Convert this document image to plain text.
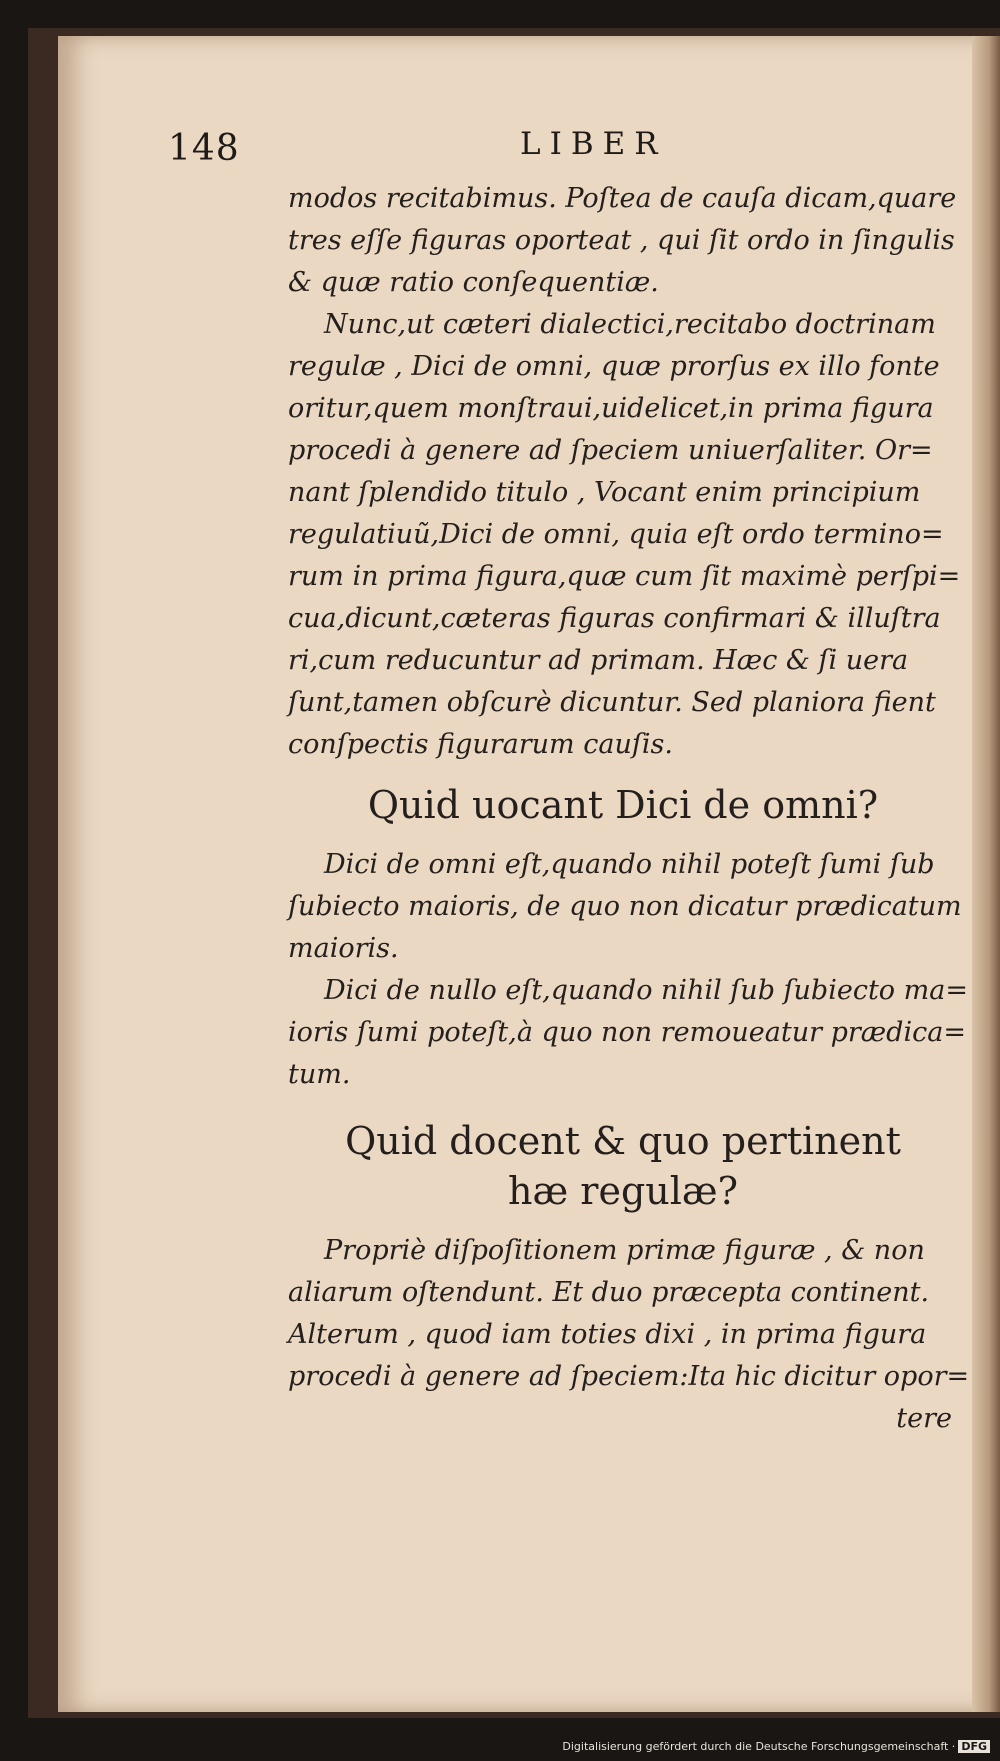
148	LIBER

modos recitabimus. Poſtea de cauſa dicam,quare
tres eſſe figuras oporteat , qui ſit ordo in ſingulis
& quæ ratio conſequentiæ.

Nunc,ut cæteri dialectici,recitabo doctrinam
regulæ , Dici de omni, quæ prorſus ex illo fonte
oritur,quem monſtraui,uidelicet,in prima figura
procedi à genere ad ſpeciem uniuerſaliter. Or=
nant ſplendido titulo , Vocant enim principium
regulatiuũ,Dici de omni, quia eſt ordo termino=
rum in prima figura,quæ cum ſit maximè perſpi=
cua,dicunt,cæteras figuras confirmari & illuſtra
ri,cum reducuntur ad primam. Hæc & ſi uera
ſunt,tamen obſcurè dicuntur. Sed planiora fient
conſpectis figurarum cauſis.

Quid uocant Dici de omni?

Dici de omni eſt,quando nihil poteſt ſumi ſub
ſubiecto maioris, de quo non dicatur prædicatum
maioris.

Dici de nullo eſt,quando nihil ſub ſubiecto ma=
ioris ſumi poteſt,à quo non remoueatur prædica=
tum.

Quid docent & quo pertinent
hæ regulæ?

Propriè diſpoſitionem primæ figuræ , & non
aliarum oſtendunt. Et duo præcepta continent.
Alterum , quod iam toties dixi , in prima figura
procedi à genere ad ſpeciem:Ita hic dicitur opor=

tere
Digitalisierung gefördert durch die Deutsche Forschungsgemeinschaft · DFG
